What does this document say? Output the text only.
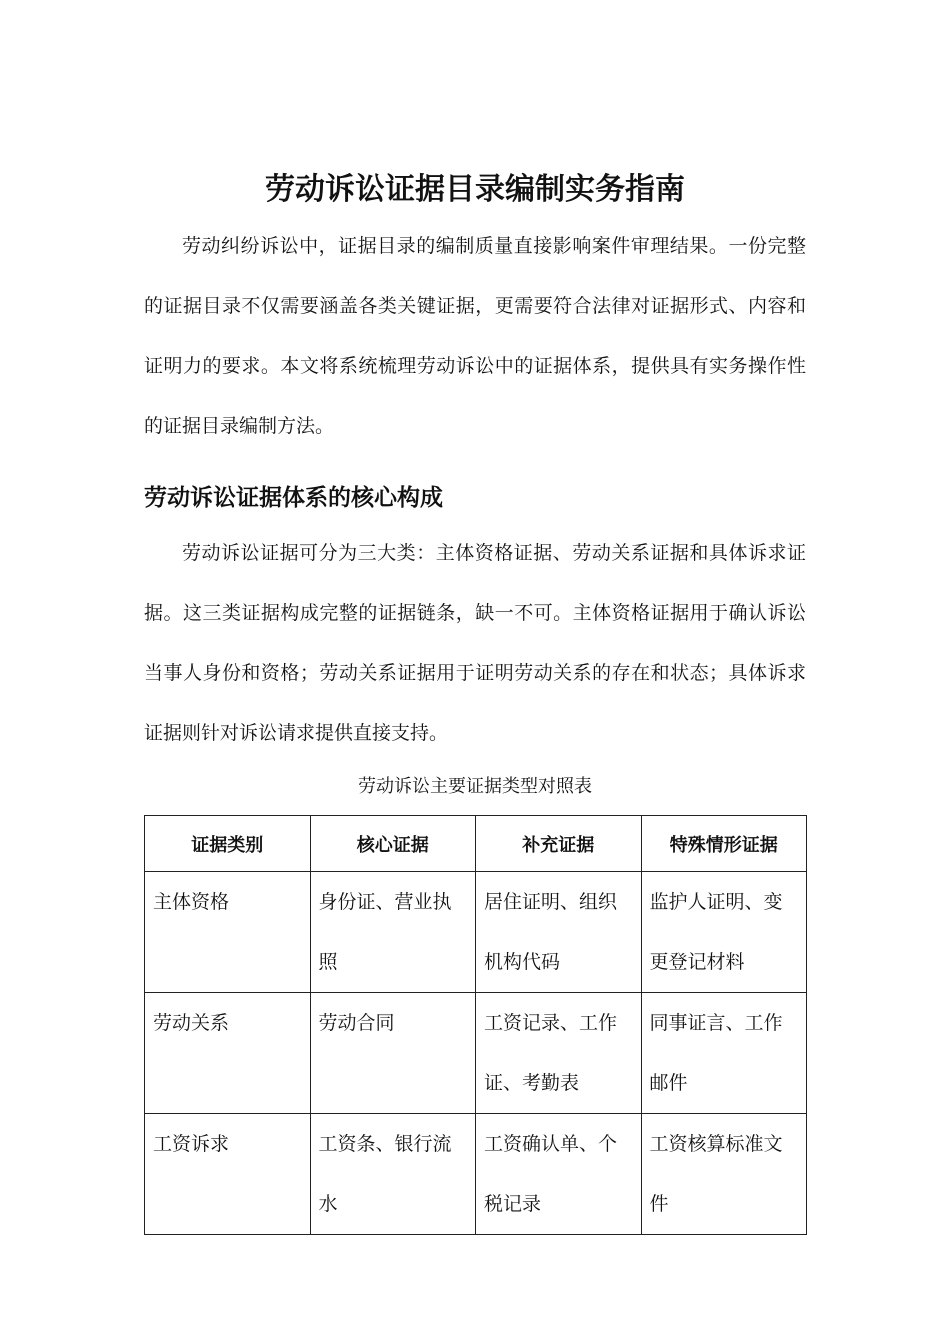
劳动诉讼证据目录编制实务指南

劳动纠纷诉讼中，证据目录的编制质量直接影响案件审理结果。一份完整的证据目录不仅需要涵盖各类关键证据，更需要符合法律对证据形式、内容和证明力的要求。本文将系统梳理劳动诉讼中的证据体系，提供具有实务操作性的证据目录编制方法。

劳动诉讼证据体系的核心构成

劳动诉讼证据可分为三大类：主体资格证据、劳动关系证据和具体诉求证据。这三类证据构成完整的证据链条，缺一不可。主体资格证据用于确认诉讼当事人身份和资格；劳动关系证据用于证明劳动关系的存在和状态；具体诉求证据则针对诉讼请求提供直接支持。

劳动诉讼主要证据类型对照表
证据类别	核心证据	补充证据	特殊情形证据
主体资格	身份证、营业执照	居住证明、组织机构代码	监护人证明、变更登记材料
劳动关系	劳动合同	工资记录、工作证、考勤表	同事证言、工作邮件
工资诉求	工资条、银行流水	工资确认单、个税记录	工资核算标准文件
